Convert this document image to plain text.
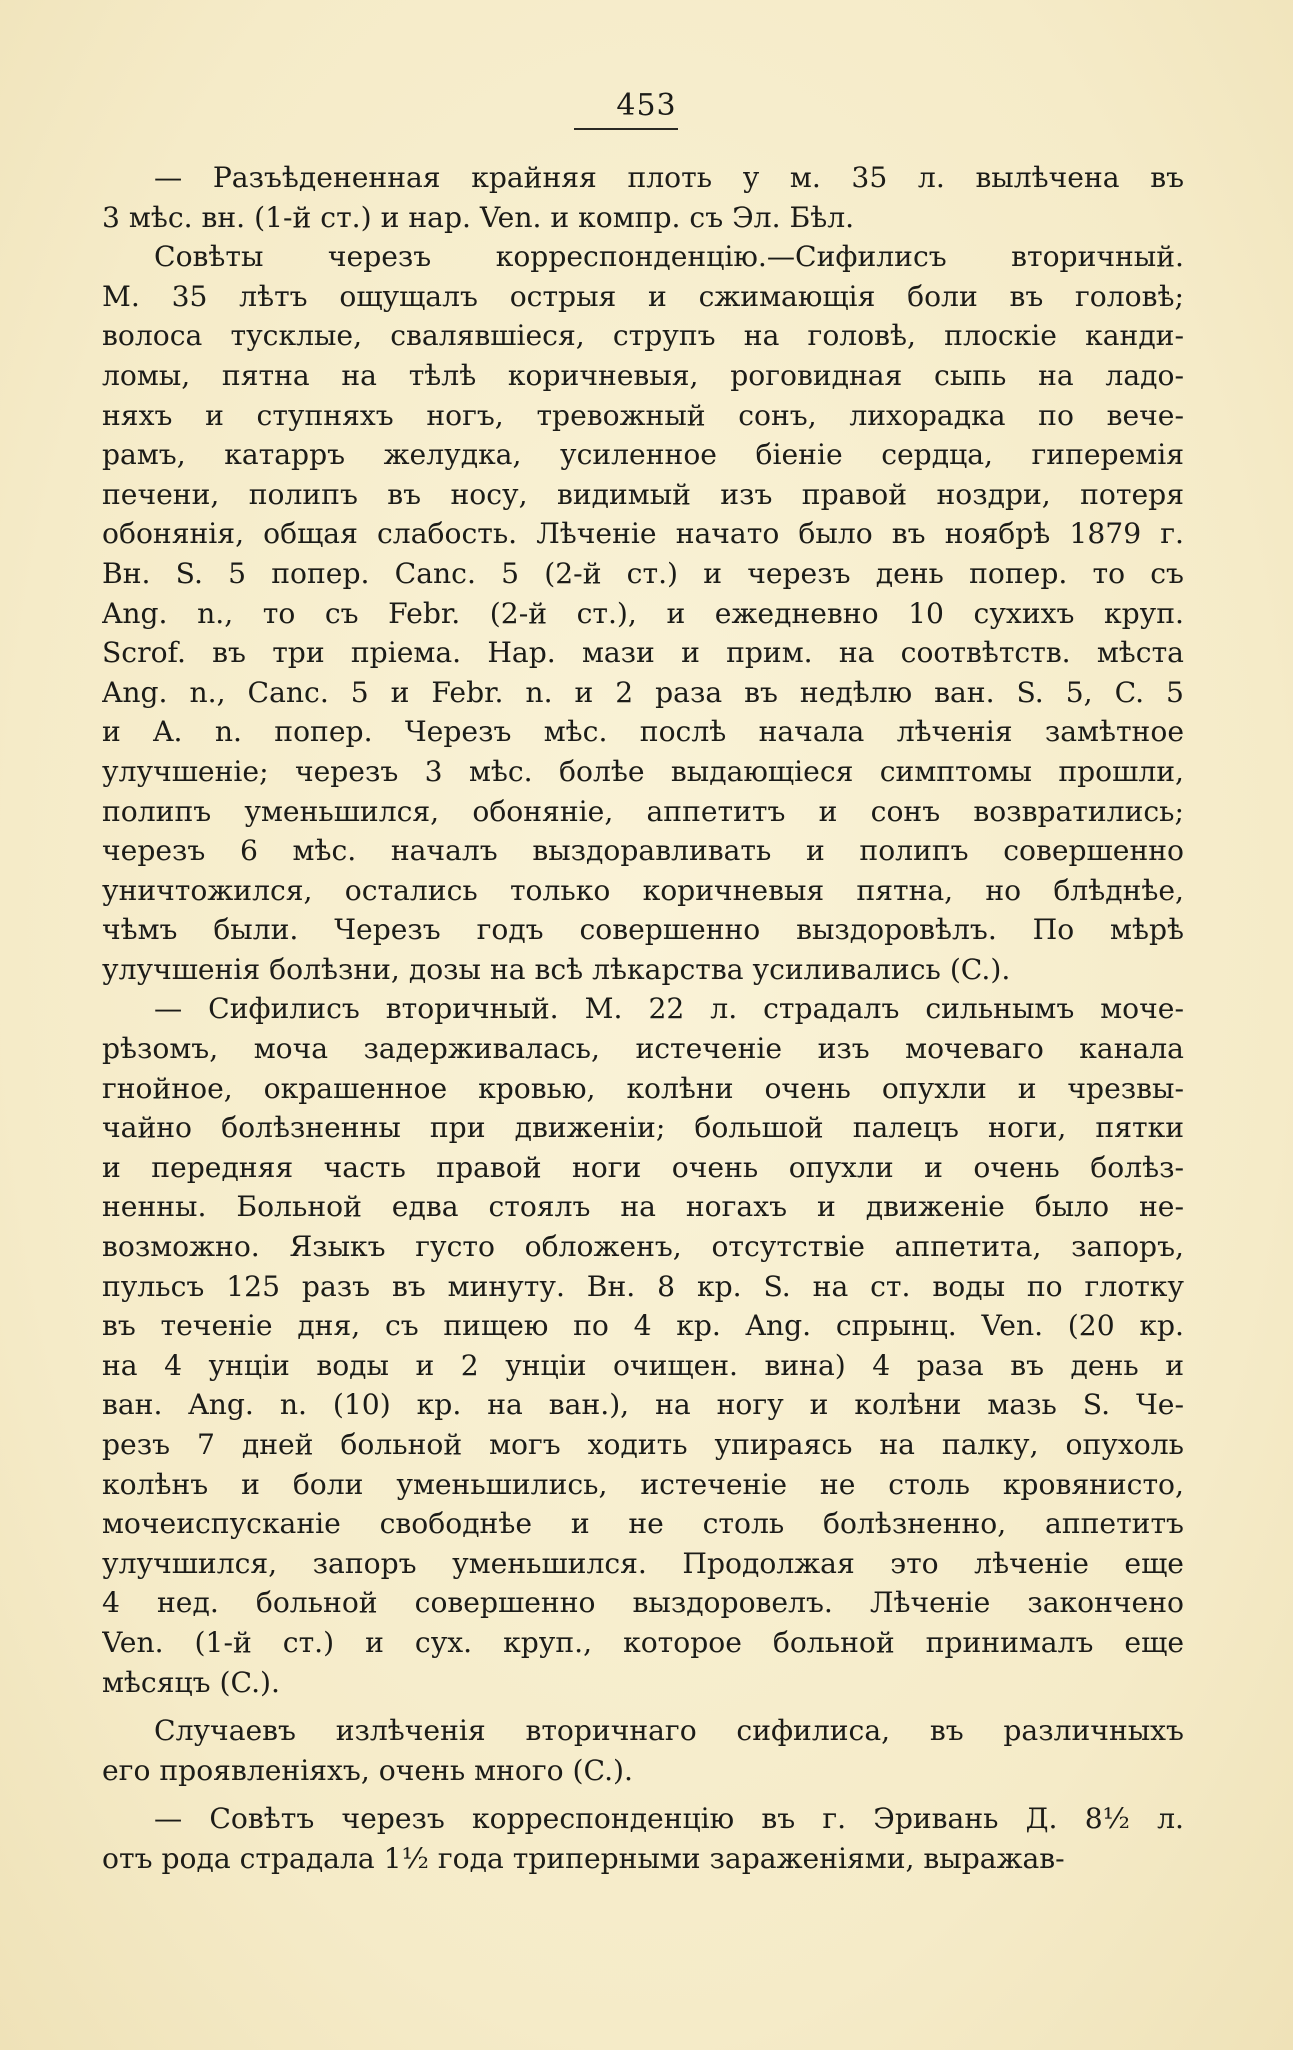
453
— Разъѣдененная крайняя плоть у м. 35 л. вылѣчена въ
3 мѣс. вн. (1-й ст.) и нар. Ven. и компр. съ Эл. Бѣл.
Совѣты черезъ корреспонденцію.—Сифилисъ вторичный.
М. 35 лѣтъ ощущалъ острыя и сжимающія боли въ головѣ;
волоса тусклые, свалявшіеся, струпъ на головѣ, плоскіе канди-
ломы, пятна на тѣлѣ коричневыя, роговидная сыпь на ладо-
няхъ и ступняхъ ногъ, тревожный сонъ, лихорадка по вече-
рамъ, катарръ желудка, усиленное біеніе сердца, гиперемія
печени, полипъ въ носу, видимый изъ правой ноздри, потеря
обонянія, общая слабость. Лѣченіе начато было въ ноябрѣ 1879 г.
Вн. S. 5 попер. Canc. 5 (2-й ст.) и черезъ день попер. то съ
Ang. n., то съ Febr. (2-й ст.), и ежедневно 10 сухихъ круп.
Scrof. въ три пріема. Нар. мази и прим. на соотвѣтств. мѣста
Ang. n., Canc. 5 и Febr. n. и 2 раза въ недѣлю ван. S. 5, C. 5
и A. n. попер. Черезъ мѣс. послѣ начала лѣченія замѣтное
улучшеніе; черезъ 3 мѣс. болѣе выдающіеся симптомы прошли,
полипъ уменьшился, обоняніе, аппетитъ и сонъ возвратились;
черезъ 6 мѣс. началъ выздоравливать и полипъ совершенно
уничтожился, остались только коричневыя пятна, но блѣднѣе,
чѣмъ были. Черезъ годъ совершенно выздоровѣлъ. По мѣрѣ
улучшенія болѣзни, дозы на всѣ лѣкарства усиливались (C.).
— Сифилисъ вторичный. М. 22 л. страдалъ сильнымъ моче-
рѣзомъ, моча задерживалась, истеченіе изъ мочеваго канала
гнойное, окрашенное кровью, колѣни очень опухли и чрезвы-
чайно болѣзненны при движеніи; большой палецъ ноги, пятки
и передняя часть правой ноги очень опухли и очень болѣз-
ненны. Больной едва стоялъ на ногахъ и движеніе было не-
возможно. Языкъ густо обложенъ, отсутствіе аппетита, запоръ,
пульсъ 125 разъ въ минуту. Вн. 8 кр. S. на ст. воды по глотку
въ теченіе дня, съ пищею по 4 кр. Ang. спрынц. Ven. (20 кр.
на 4 унціи воды и 2 унціи очищен. вина) 4 раза въ день и
ван. Ang. n. (10) кр. на ван.), на ногу и колѣни мазь S. Че-
резъ 7 дней больной могъ ходить упираясь на палку, опухоль
колѣнъ и боли уменьшились, истеченіе не столь кровянисто,
мочеиспусканіе свободнѣе и не столь болѣзненно, аппетитъ
улучшился, запоръ уменьшился. Продолжая это лѣченіе еще
4 нед. больной совершенно выздоровелъ. Лѣченіе закончено
Ven. (1-й ст.) и сух. круп., которое больной принималъ еще
мѣсяцъ (C.).
Случаевъ излѣченія вторичнаго сифилиса, въ различныхъ
его проявленіяхъ, очень много (C.).
— Совѣтъ черезъ корреспонденцію въ г. Эривань Д. 8½ л.
отъ рода страдала 1½ года триперными зараженіями, выражав-
